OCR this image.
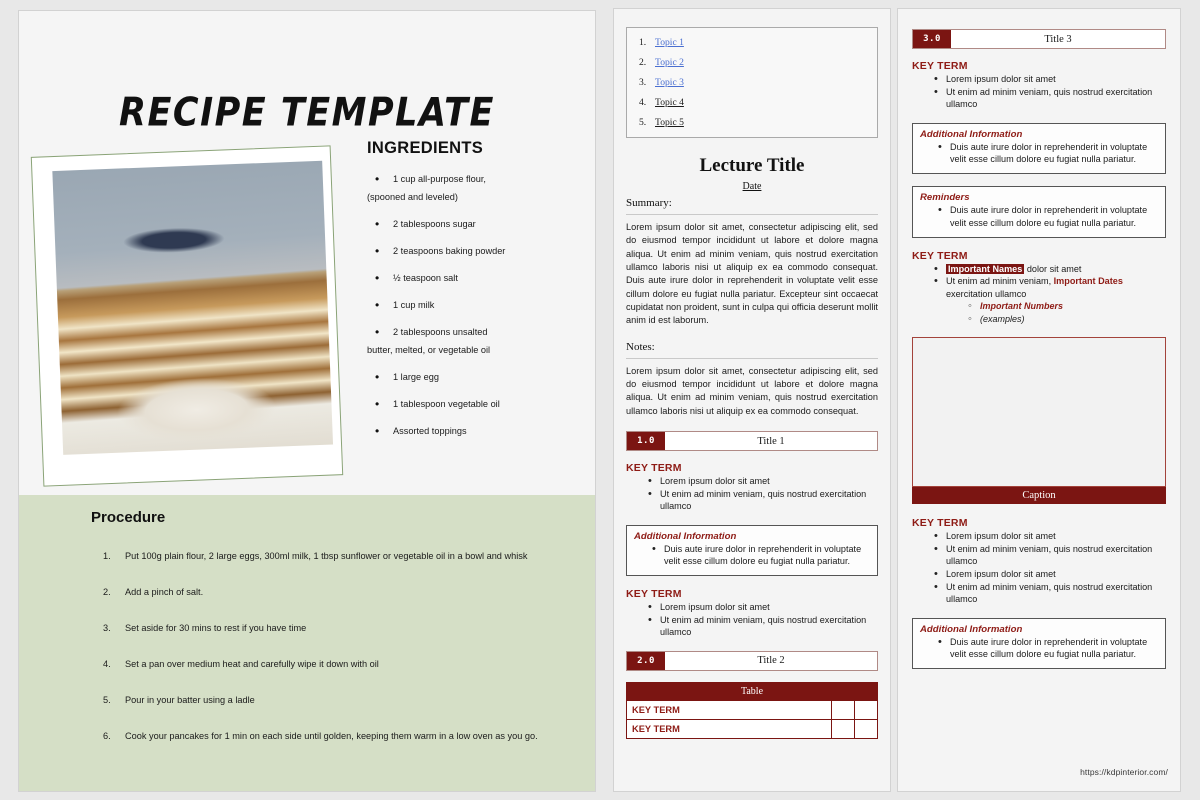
RECIPE TEMPLATE
INGREDIENTS
• 1 cup all-purpose flour,
(spooned and leveled)
• 2 tablespoons sugar
• 2 teaspoons baking powder
• ½ teaspoon salt
• 1 cup milk
• 2 tablespoons unsalted
butter, melted, or vegetable oil
• 1 large egg
• 1 tablespoon vegetable oil
• Assorted toppings
Procedure
Put 100g plain flour, 2 large eggs, 300ml milk, 1 tbsp sunflower or vegetable oil in a bowl and whisk
Add a pinch of salt.
Set aside for 30 mins to rest if you have time
Set a pan over medium heat and carefully wipe it down with oil
Pour in your batter using a ladle
Cook your pancakes for 1 min on each side until golden, keeping them warm in a low oven as you go.
Topic 1
Topic 2
Topic 3
Topic 4
Topic 5
Lecture Title
Date
Summary:

Lorem ipsum dolor sit amet, consectetur adipiscing elit, sed do eiusmod tempor incididunt ut labore et dolore magna aliqua. Ut enim ad minim veniam, quis nostrud exercitation ullamco laboris nisi ut aliquip ex ea commodo consequat. Duis aute irure dolor in reprehenderit in voluptate velit esse cillum dolore eu fugiat nulla pariatur. Excepteur sint occaecat cupidatat non proident, sunt in culpa qui officia deserunt mollit anim id est laborum.

Notes:

Lorem ipsum dolor sit amet, consectetur adipiscing elit, sed do eiusmod tempor incididunt ut labore et dolore magna aliqua. Ut enim ad minim veniam, quis nostrud exercitation ullamco laboris nisi ut aliquip ex ea commodo consequat.

1.0	Title 1
KEY TERM
• Lorem ipsum dolor sit amet
• Ut enim ad minim veniam, quis nostrud exercitation ullamco
Additional Information
• Duis aute irure dolor in reprehenderit in voluptate velit esse cillum dolore eu fugiat nulla pariatur.
KEY TERM
• Lorem ipsum dolor sit amet
• Ut enim ad minim veniam, quis nostrud exercitation ullamco
2.0	Title 2
Table		
KEY TERM		
KEY TERM		
3.0	Title 3
KEY TERM
• Lorem ipsum dolor sit amet
• Ut enim ad minim veniam, quis nostrud exercitation ullamco
Additional Information
• Duis aute irure dolor in reprehenderit in voluptate velit esse cillum dolore eu fugiat nulla pariatur.
Reminders
• Duis aute irure dolor in reprehenderit in voluptate velit esse cillum dolore eu fugiat nulla pariatur.
KEY TERM
• Important Names dolor sit amet
• Ut enim ad minim veniam, Important Dates exercitation ullamco
◦ Important Numbers
◦ (examples)
Caption
KEY TERM
• Lorem ipsum dolor sit amet
• Ut enim ad minim veniam, quis nostrud exercitation ullamco
• Lorem ipsum dolor sit amet
• Ut enim ad minim veniam, quis nostrud exercitation ullamco
Additional Information
• Duis aute irure dolor in reprehenderit in voluptate velit esse cillum dolore eu fugiat nulla pariatur.
https://kdpinterior.com/
